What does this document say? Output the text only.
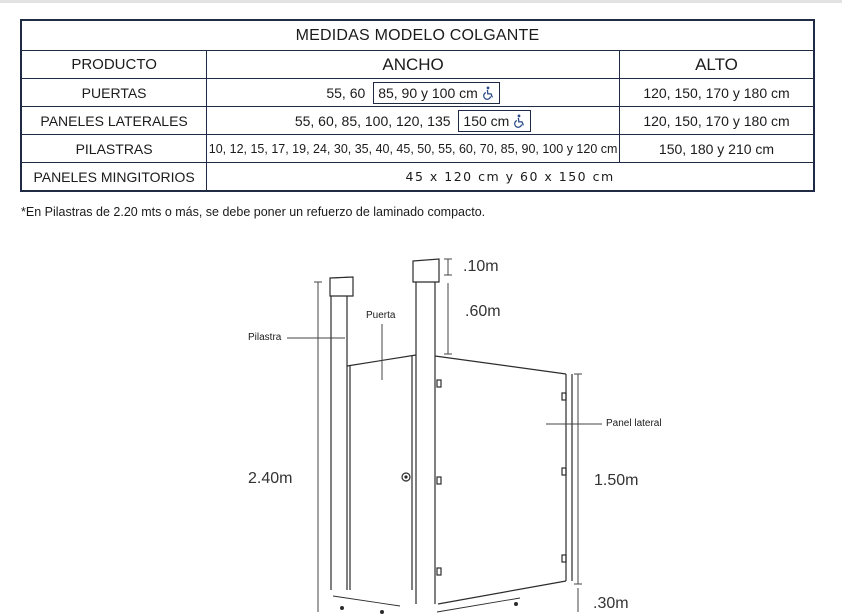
MEDIDAS MODELO COLGANTE		
PRODUCTO	ANCHO	ALTO
PUERTAS	55, 60 85, 90 y 100 cm	120, 150, 170 y 180 cm
PANELES LATERALES	55, 60, 85, 100, 120, 135 150 cm	120, 150, 170 y 180 cm
PILASTRAS	10, 12, 15, 17, 19, 24, 30, 35, 40, 45, 50, 55, 60, 70, 85, 90, 100 y 120 cm	150, 180 y 210 cm
PANELES MINGITORIOS	45 x 120 cm y 60 x 150 cm	
*En Pilastras de 2.20 mts o más, se debe poner un refuerzo de laminado compacto.
Pilastra
Puerta
Panel lateral
.10m
.60m
2.40m	1.50m
.30m
